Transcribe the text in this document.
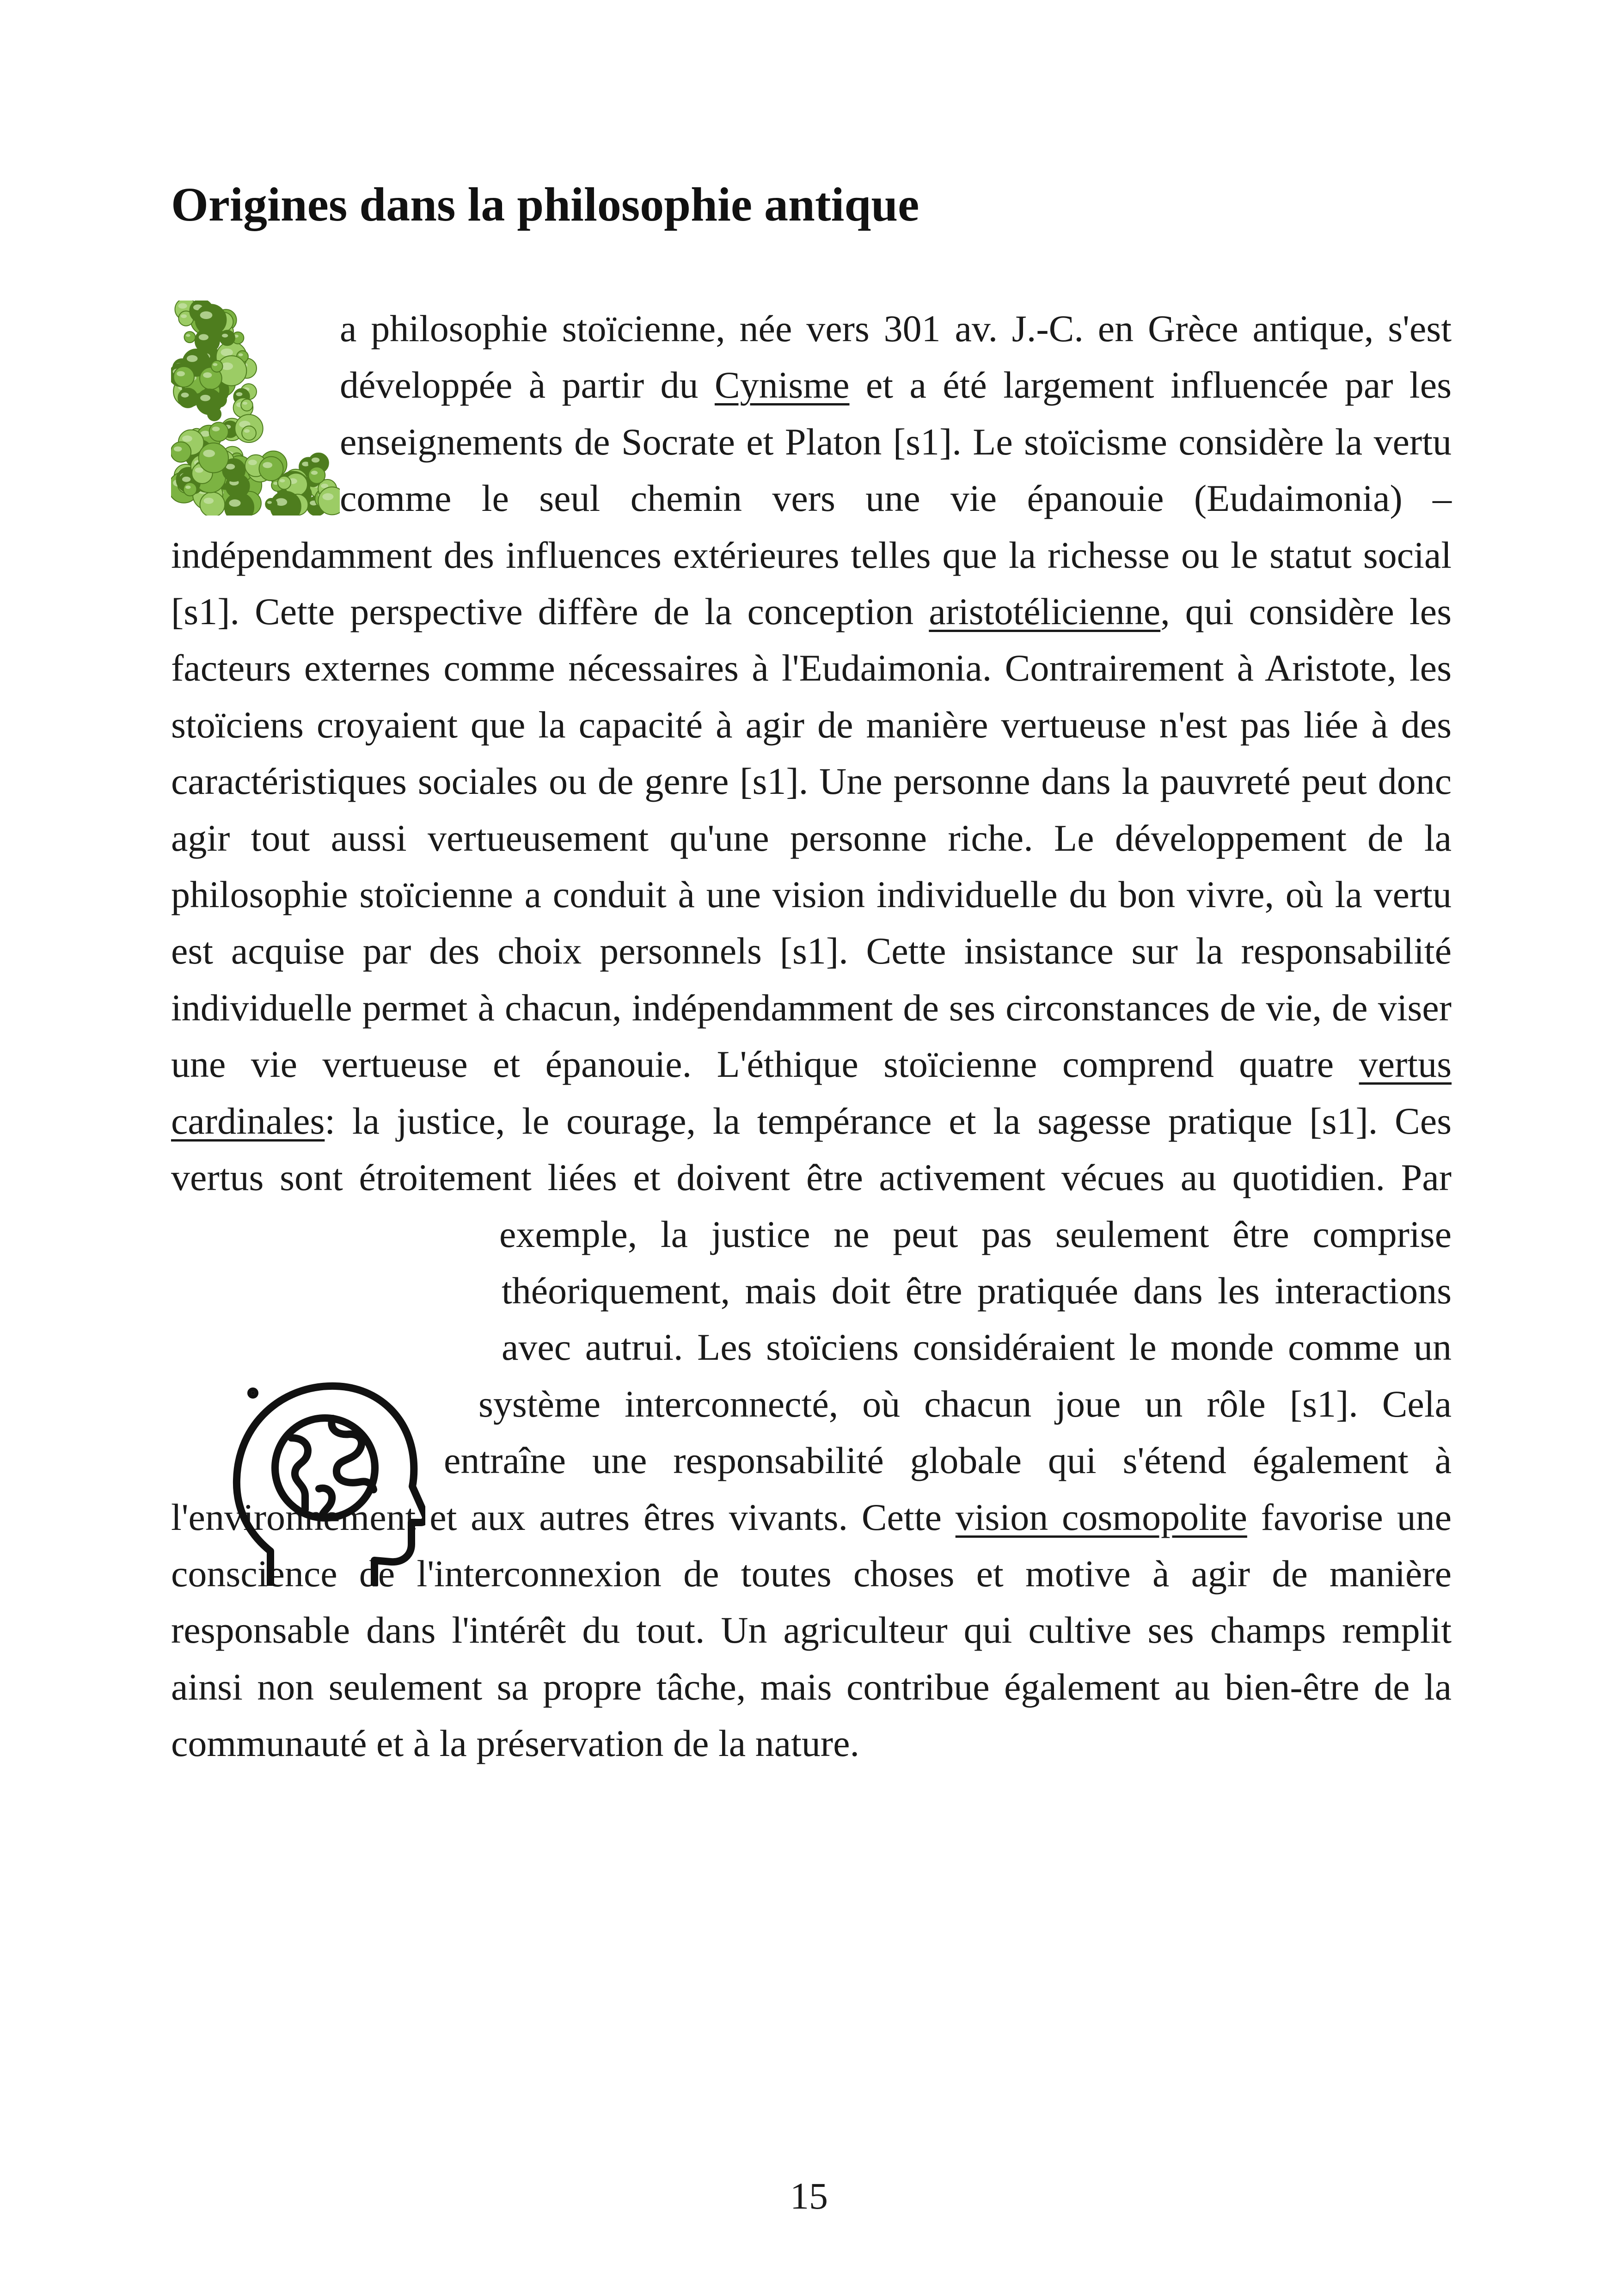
Origines dans la philosophie antique

a philosophie stoïcienne, née vers 301 av. J.-C. en Grèce antique, s'est développée à partir du Cynisme et a été largement influencée par les enseignements de Socrate et Platon [s1]. Le stoïcisme considère la vertu comme le seul chemin vers une vie épanouie (Eudaimonia) – indépendamment des influences extérieures telles que la richesse ou le statut social [s1]. Cette perspective diffère de la conception aristotélicienne, qui considère les facteurs externes comme nécessaires à l'Eudaimonia. Contrairement à Aristote, les stoïciens croyaient que la capacité à agir de manière vertueuse n'est pas liée à des caractéristiques sociales ou de genre [s1]. Une personne dans la pauvreté peut donc agir tout aussi vertueusement qu'une personne riche. Le développement de la philosophie stoïcienne a conduit à une vision individuelle du bon vivre, où la vertu est acquise par des choix personnels [s1]. Cette insistance sur la responsabilité individuelle permet à chacun, indépendamment de ses circonstances de vie, de viser une vie vertueuse et épanouie. L'éthique stoïcienne comprend quatre vertus cardinales: la justice, le courage, la tempérance et la sagesse pratique [s1]. Ces vertus sont étroitement liées et doivent
être activement vécues au quotidien. Par exemple, la justice ne peut pas seulement être comprise théoriquement, mais doit être pratiquée dans les interactions avec autrui. Les stoïciens considéraient le monde comme un système interconnecté, où chacun joue un rôle [s1]. Cela entraîne une responsabilité globale qui s'étend également à l'environnement et aux autres êtres vivants. Cette vision cosmopolite favorise une conscience de l'interconnexion de toutes choses et motive à agir de manière responsable dans l'intérêt du tout. Un agriculteur qui cultive ses champs remplit ainsi non seulement sa propre tâche, mais contribue également au bien-être de la communauté et à la préservation de la nature.

15
